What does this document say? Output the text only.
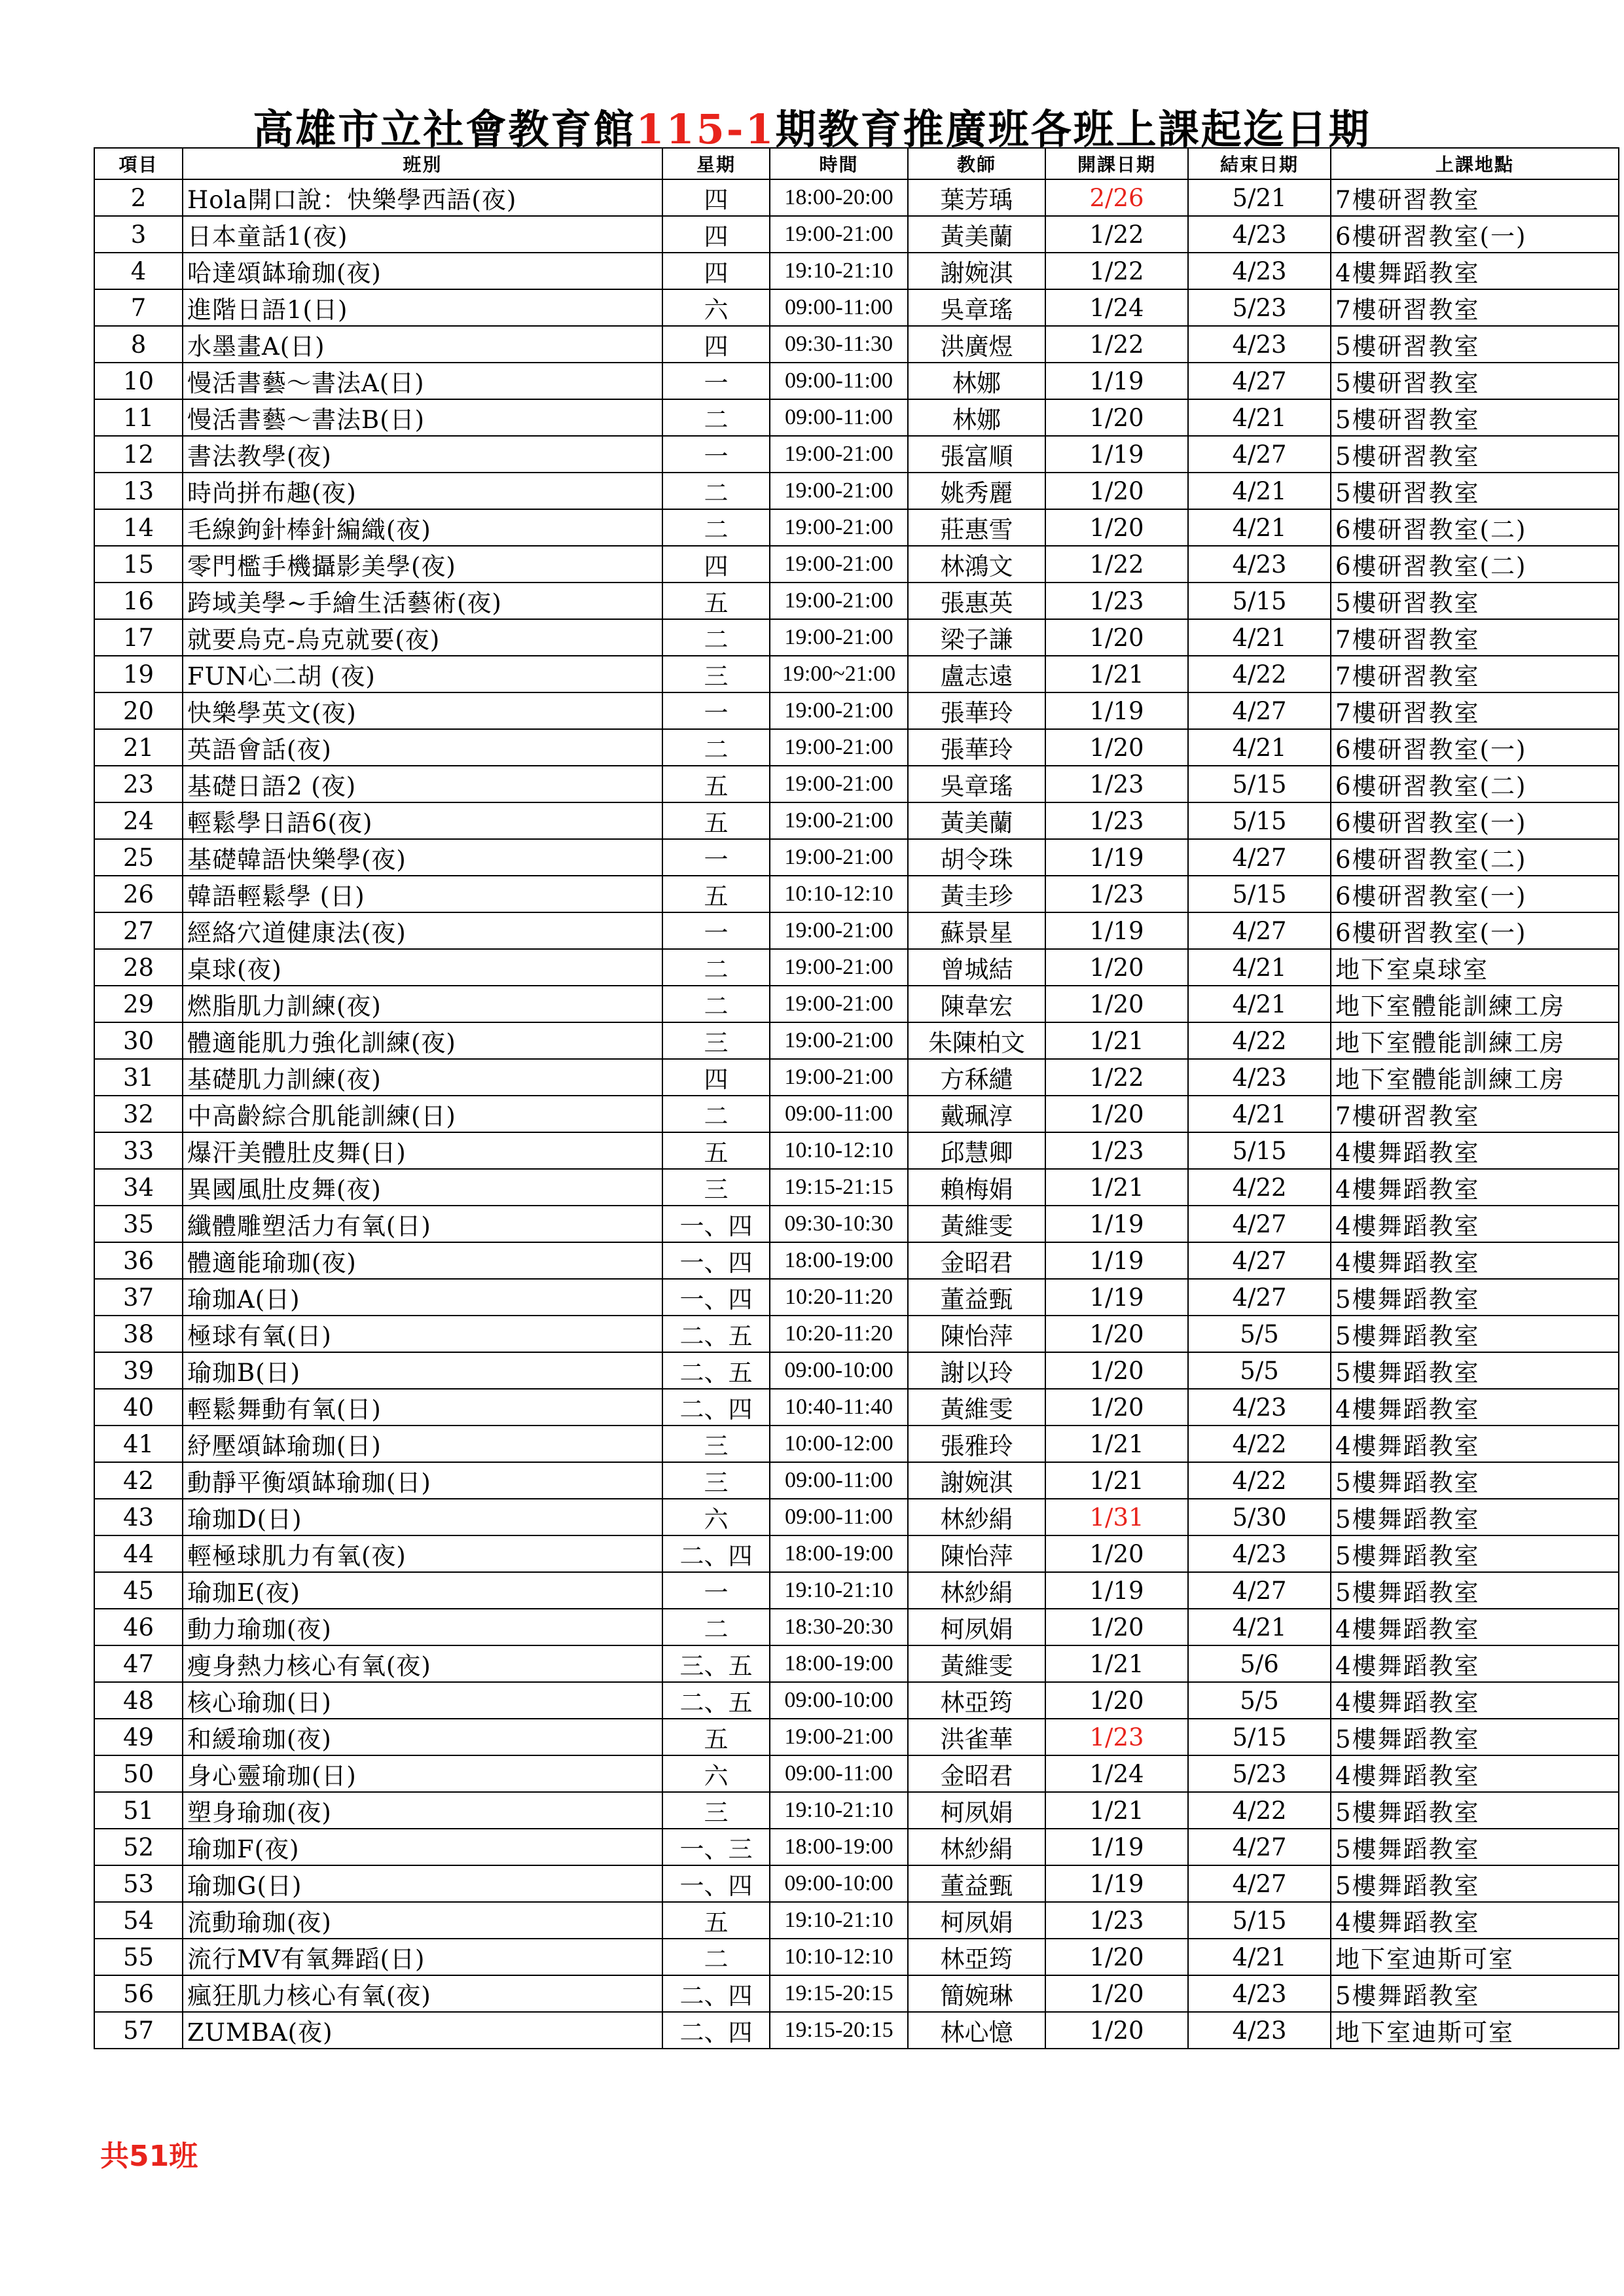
高雄市立社會教育館115-1期教育推廣班各班上課起迄日期
項目	班別	星期	時間	教師	開課日期	結束日期	上課地點
2	Hola開口說：快樂學西語(夜)	四	18:00-20:00	葉芳瑀	2/26	5/21	7樓研習教室
3	日本童話1(夜)	四	19:00-21:00	黃美蘭	1/22	4/23	6樓研習教室(一)
4	哈達頌缽瑜珈(夜)	四	19:10-21:10	謝婉淇	1/22	4/23	4樓舞蹈教室
7	進階日語1(日)	六	09:00-11:00	吳章瑤	1/24	5/23	7樓研習教室
8	水墨畫A(日)	四	09:30-11:30	洪廣煜	1/22	4/23	5樓研習教室
10	慢活書藝～書法A(日)	一	09:00-11:00	林娜	1/19	4/27	5樓研習教室
11	慢活書藝～書法B(日)	二	09:00-11:00	林娜	1/20	4/21	5樓研習教室
12	書法教學(夜)	一	19:00-21:00	張富順	1/19	4/27	5樓研習教室
13	時尚拼布趣(夜)	二	19:00-21:00	姚秀麗	1/20	4/21	5樓研習教室
14	毛線鉤針棒針編織(夜)	二	19:00-21:00	莊惠雪	1/20	4/21	6樓研習教室(二)
15	零門檻手機攝影美學(夜)	四	19:00-21:00	林鴻文	1/22	4/23	6樓研習教室(二)
16	跨域美學~手繪生活藝術(夜)	五	19:00-21:00	張惠英	1/23	5/15	5樓研習教室
17	就要烏克-烏克就要(夜)	二	19:00-21:00	梁子謙	1/20	4/21	7樓研習教室
19	FUN心二胡 (夜)	三	19:00~21:00	盧志遠	1/21	4/22	7樓研習教室
20	快樂學英文(夜)	一	19:00-21:00	張華玲	1/19	4/27	7樓研習教室
21	英語會話(夜)	二	19:00-21:00	張華玲	1/20	4/21	6樓研習教室(一)
23	基礎日語2 (夜)	五	19:00-21:00	吳章瑤	1/23	5/15	6樓研習教室(二)
24	輕鬆學日語6(夜)	五	19:00-21:00	黃美蘭	1/23	5/15	6樓研習教室(一)
25	基礎韓語快樂學(夜)	一	19:00-21:00	胡令珠	1/19	4/27	6樓研習教室(二)
26	韓語輕鬆學 (日)	五	10:10-12:10	黃圭珍	1/23	5/15	6樓研習教室(一)
27	經絡穴道健康法(夜)	一	19:00-21:00	蘇景星	1/19	4/27	6樓研習教室(一)
28	桌球(夜)	二	19:00-21:00	曾城結	1/20	4/21	地下室桌球室
29	燃脂肌力訓練(夜)	二	19:00-21:00	陳韋宏	1/20	4/21	地下室體能訓練工房
30	體適能肌力強化訓練(夜)	三	19:00-21:00	朱陳柏文	1/21	4/22	地下室體能訓練工房
31	基礎肌力訓練(夜)	四	19:00-21:00	方秝繾	1/22	4/23	地下室體能訓練工房
32	中高齡綜合肌能訓練(日)	二	09:00-11:00	戴珮淳	1/20	4/21	7樓研習教室
33	爆汗美體肚皮舞(日)	五	10:10-12:10	邱慧卿	1/23	5/15	4樓舞蹈教室
34	異國風肚皮舞(夜)	三	19:15-21:15	賴梅娟	1/21	4/22	4樓舞蹈教室
35	纖體雕塑活力有氧(日)	一、四	09:30-10:30	黃維雯	1/19	4/27	4樓舞蹈教室
36	體適能瑜珈(夜)	一、四	18:00-19:00	金昭君	1/19	4/27	4樓舞蹈教室
37	瑜珈A(日)	一、四	10:20-11:20	董益甄	1/19	4/27	5樓舞蹈教室
38	極球有氧(日)	二、五	10:20-11:20	陳怡萍	1/20	5/5	5樓舞蹈教室
39	瑜珈B(日)	二、五	09:00-10:00	謝以玲	1/20	5/5	5樓舞蹈教室
40	輕鬆舞動有氧(日)	二、四	10:40-11:40	黃維雯	1/20	4/23	4樓舞蹈教室
41	紓壓頌缽瑜珈(日)	三	10:00-12:00	張雅玲	1/21	4/22	4樓舞蹈教室
42	動靜平衡頌缽瑜珈(日)	三	09:00-11:00	謝婉淇	1/21	4/22	5樓舞蹈教室
43	瑜珈D(日)	六	09:00-11:00	林紗絹	1/31	5/30	5樓舞蹈教室
44	輕極球肌力有氧(夜)	二、四	18:00-19:00	陳怡萍	1/20	4/23	5樓舞蹈教室
45	瑜珈E(夜)	一	19:10-21:10	林紗絹	1/19	4/27	5樓舞蹈教室
46	動力瑜珈(夜)	二	18:30-20:30	柯夙娟	1/20	4/21	4樓舞蹈教室
47	瘦身熱力核心有氧(夜)	三、五	18:00-19:00	黃維雯	1/21	5/6	4樓舞蹈教室
48	核心瑜珈(日)	二、五	09:00-10:00	林亞筠	1/20	5/5	4樓舞蹈教室
49	和緩瑜珈(夜)	五	19:00-21:00	洪雀華	1/23	5/15	5樓舞蹈教室
50	身心靈瑜珈(日)	六	09:00-11:00	金昭君	1/24	5/23	4樓舞蹈教室
51	塑身瑜珈(夜)	三	19:10-21:10	柯夙娟	1/21	4/22	5樓舞蹈教室
52	瑜珈F(夜)	一、三	18:00-19:00	林紗絹	1/19	4/27	5樓舞蹈教室
53	瑜珈G(日)	一、四	09:00-10:00	董益甄	1/19	4/27	5樓舞蹈教室
54	流動瑜珈(夜)	五	19:10-21:10	柯夙娟	1/23	5/15	4樓舞蹈教室
55	流行MV有氧舞蹈(日)	二	10:10-12:10	林亞筠	1/20	4/21	地下室迪斯可室
56	瘋狂肌力核心有氧(夜)	二、四	19:15-20:15	簡婉琳	1/20	4/23	5樓舞蹈教室
57	ZUMBA(夜)	二、四	19:15-20:15	林心憶	1/20	4/23	地下室迪斯可室
共51班
